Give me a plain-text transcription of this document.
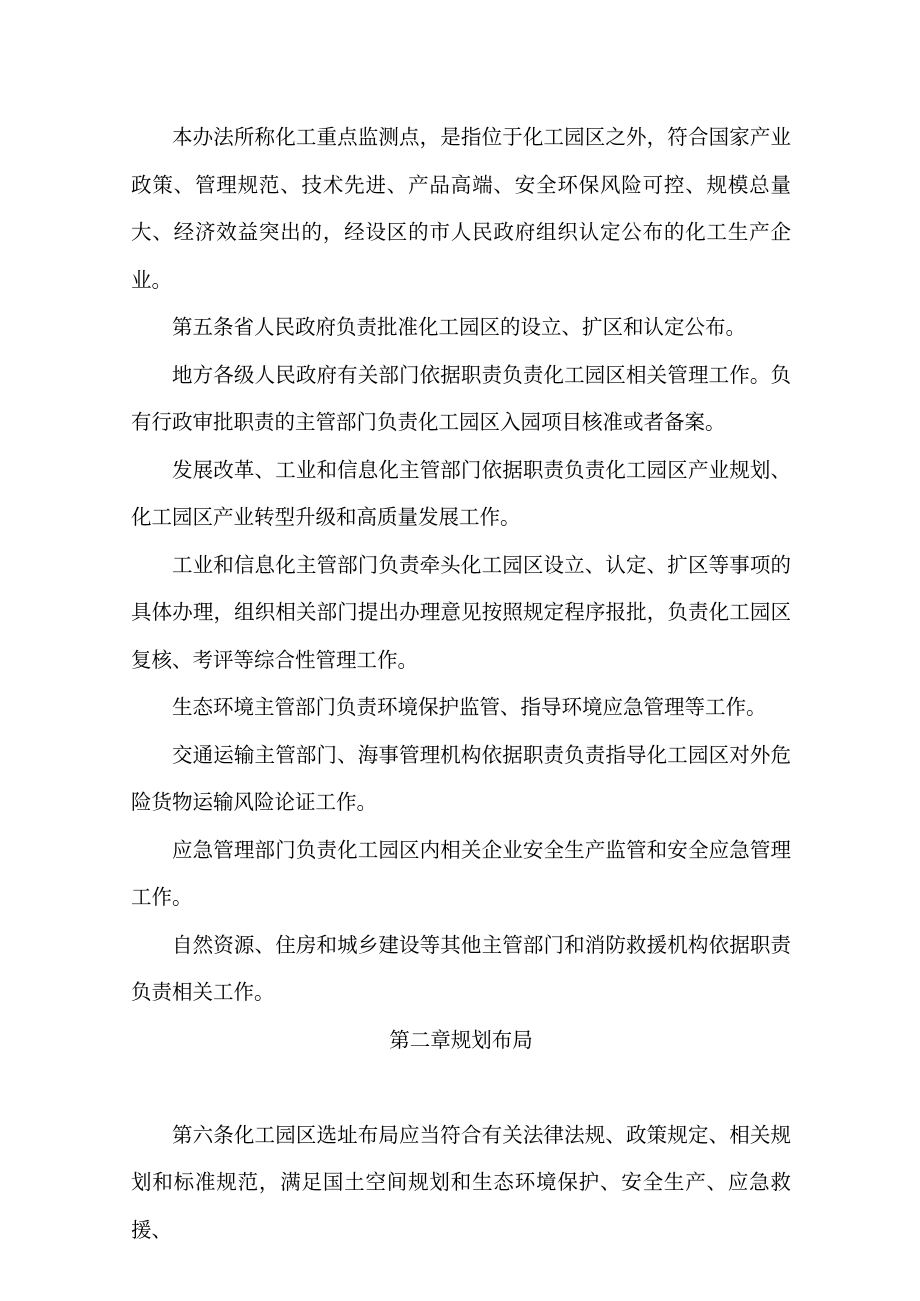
本办法所称化工重点监测点，是指位于化工园区之外，符合国家产业政策、管理规范、技术先进、产品高端、安全环保风险可控、规模总量大、经济效益突出的，经设区的市人民政府组织认定公布的化工生产企业。

第五条省人民政府负责批准化工园区的设立、扩区和认定公布。

地方各级人民政府有关部门依据职责负责化工园区相关管理工作。负有行政审批职责的主管部门负责化工园区入园项目核准或者备案。

发展改革、工业和信息化主管部门依据职责负责化工园区产业规划、化工园区产业转型升级和高质量发展工作。

工业和信息化主管部门负责牵头化工园区设立、认定、扩区等事项的具体办理，组织相关部门提出办理意见按照规定程序报批，负责化工园区复核、考评等综合性管理工作。

生态环境主管部门负责环境保护监管、指导环境应急管理等工作。

交通运输主管部门、海事管理机构依据职责负责指导化工园区对外危险货物运输风险论证工作。

应急管理部门负责化工园区内相关企业安全生产监管和安全应急管理工作。

自然资源、住房和城乡建设等其他主管部门和消防救援机构依据职责负责相关工作。

第二章规划布局

第六条化工园区选址布局应当符合有关法律法规、政策规定、相关规划和标准规范，满足国土空间规划和生态环境保护、安全生产、应急救援、
